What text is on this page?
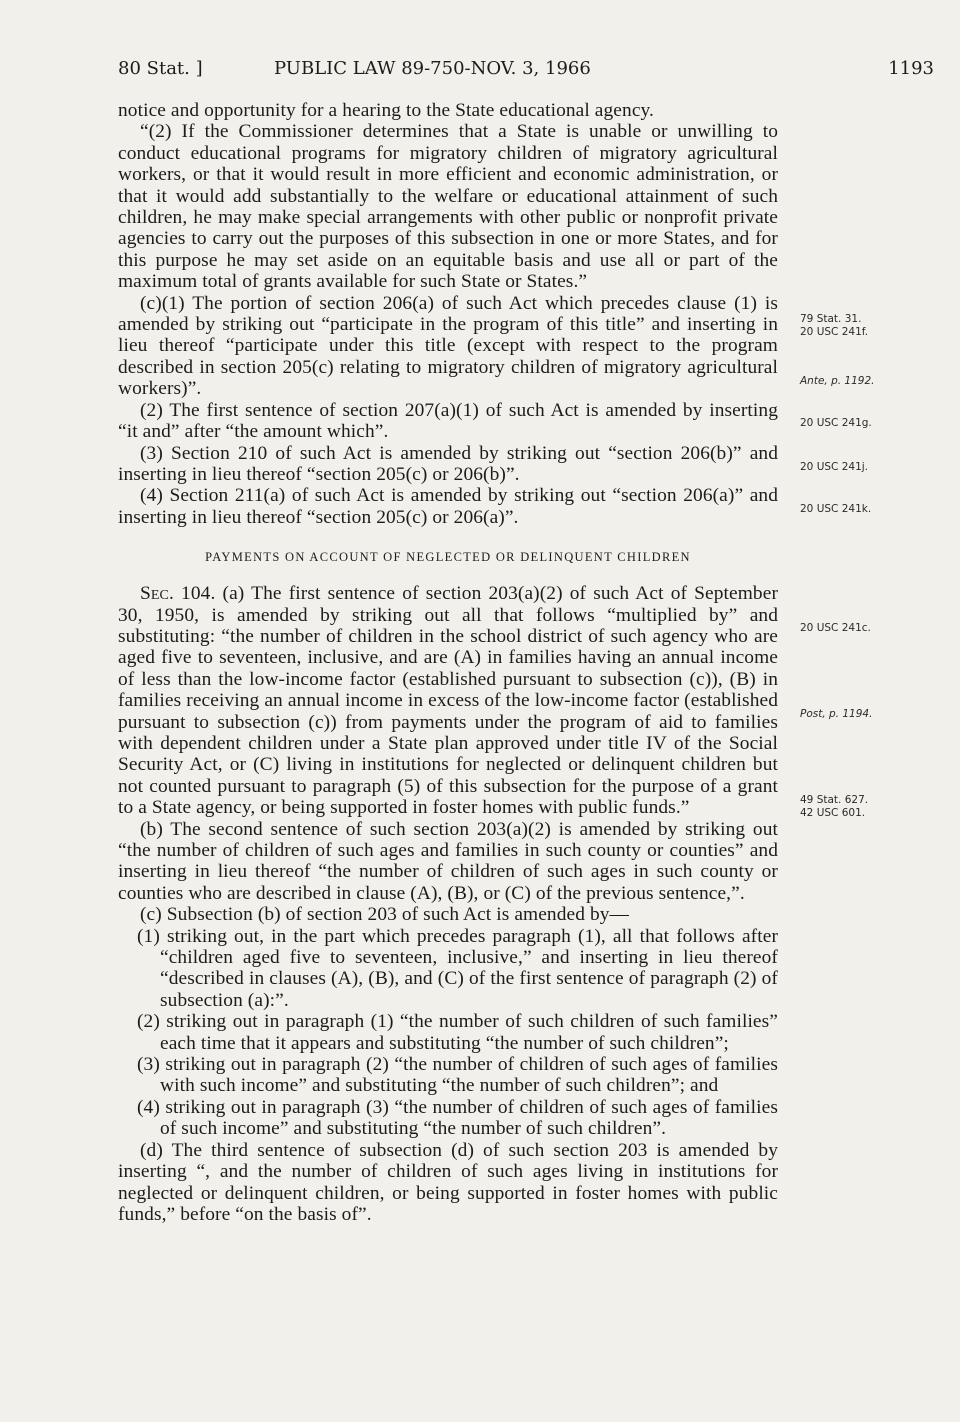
80 Stat. ]	PUBLIC LAW 89-750-NOV. 3, 1966	1193

notice and opportunity for a hearing to the State educational agency.

“(2) If the Commissioner determines that a State is unable or unwilling to conduct educational programs for migratory children of migratory agricultural workers, or that it would result in more efficient and economic administration, or that it would add substantially to the welfare or educational attainment of such children, he may make special arrangements with other public or nonprofit private agencies to carry out the purposes of this subsection in one or more States, and for this purpose he may set aside on an equitable basis and use all or part of the maximum total of grants available for such State or States.”

(c)(1) The portion of section 206(a) of such Act which precedes clause (1) is amended by striking out “participate in the program of this title” and inserting in lieu thereof “participate under this title (except with respect to the program described in section 205(c) relating to migratory children of migratory agricultural workers)”.

(2) The first sentence of section 207(a)(1) of such Act is amended by inserting “it and” after “the amount which”.

(3) Section 210 of such Act is amended by striking out “section 206(b)” and inserting in lieu thereof “section 205(c) or 206(b)”.

(4) Section 211(a) of such Act is amended by striking out “section 206(a)” and inserting in lieu thereof “section 205(c) or 206(a)”.

PAYMENTS ON ACCOUNT OF NEGLECTED OR DELINQUENT CHILDREN

Sec. 104. (a) The first sentence of section 203(a)(2) of such Act of September 30, 1950, is amended by striking out all that follows “multiplied by” and substituting: “the number of children in the school district of such agency who are aged five to seventeen, inclusive, and are (A) in families having an annual income of less than the low-income factor (established pursuant to subsection (c)), (B) in families receiving an annual income in excess of the low-income factor (established pursuant to subsection (c)) from payments under the program of aid to families with dependent children under a State plan approved under title IV of the Social Security Act, or (C) living in institutions for neglected or delinquent children but not counted pursuant to paragraph (5) of this subsection for the purpose of a grant to a State agency, or being supported in foster homes with public funds.”

(b) The second sentence of such section 203(a)(2) is amended by striking out “the number of children of such ages and families in such county or counties” and inserting in lieu thereof “the number of children of such ages in such county or counties who are described in clause (A), (B), or (C) of the previous sentence,”.

(c) Subsection (b) of section 203 of such Act is amended by—

(1) striking out, in the part which precedes paragraph (1), all that follows after “children aged five to seventeen, inclusive,” and inserting in lieu thereof “described in clauses (A), (B), and (C) of the first sentence of paragraph (2) of subsection (a):”.

(2) striking out in paragraph (1) “the number of such children of such families” each time that it appears and substituting “the number of such children”;

(3) striking out in paragraph (2) “the number of children of such ages of families with such income” and substituting “the number of such children”; and

(4) striking out in paragraph (3) “the number of children of such ages of families of such income” and substituting “the number of such children”.

(d) The third sentence of subsection (d) of such section 203 is amended by inserting “, and the number of children of such ages living in institutions for neglected or delinquent children, or being supported in foster homes with public funds,” before “on the basis of”.

79 Stat. 31.
20 USC 241f.
Ante, p. 1192.
20 USC 241g.
20 USC 241j.
20 USC 241k.
20 USC 241c.
Post, p. 1194.
49 Stat. 627.
42 USC 601.
